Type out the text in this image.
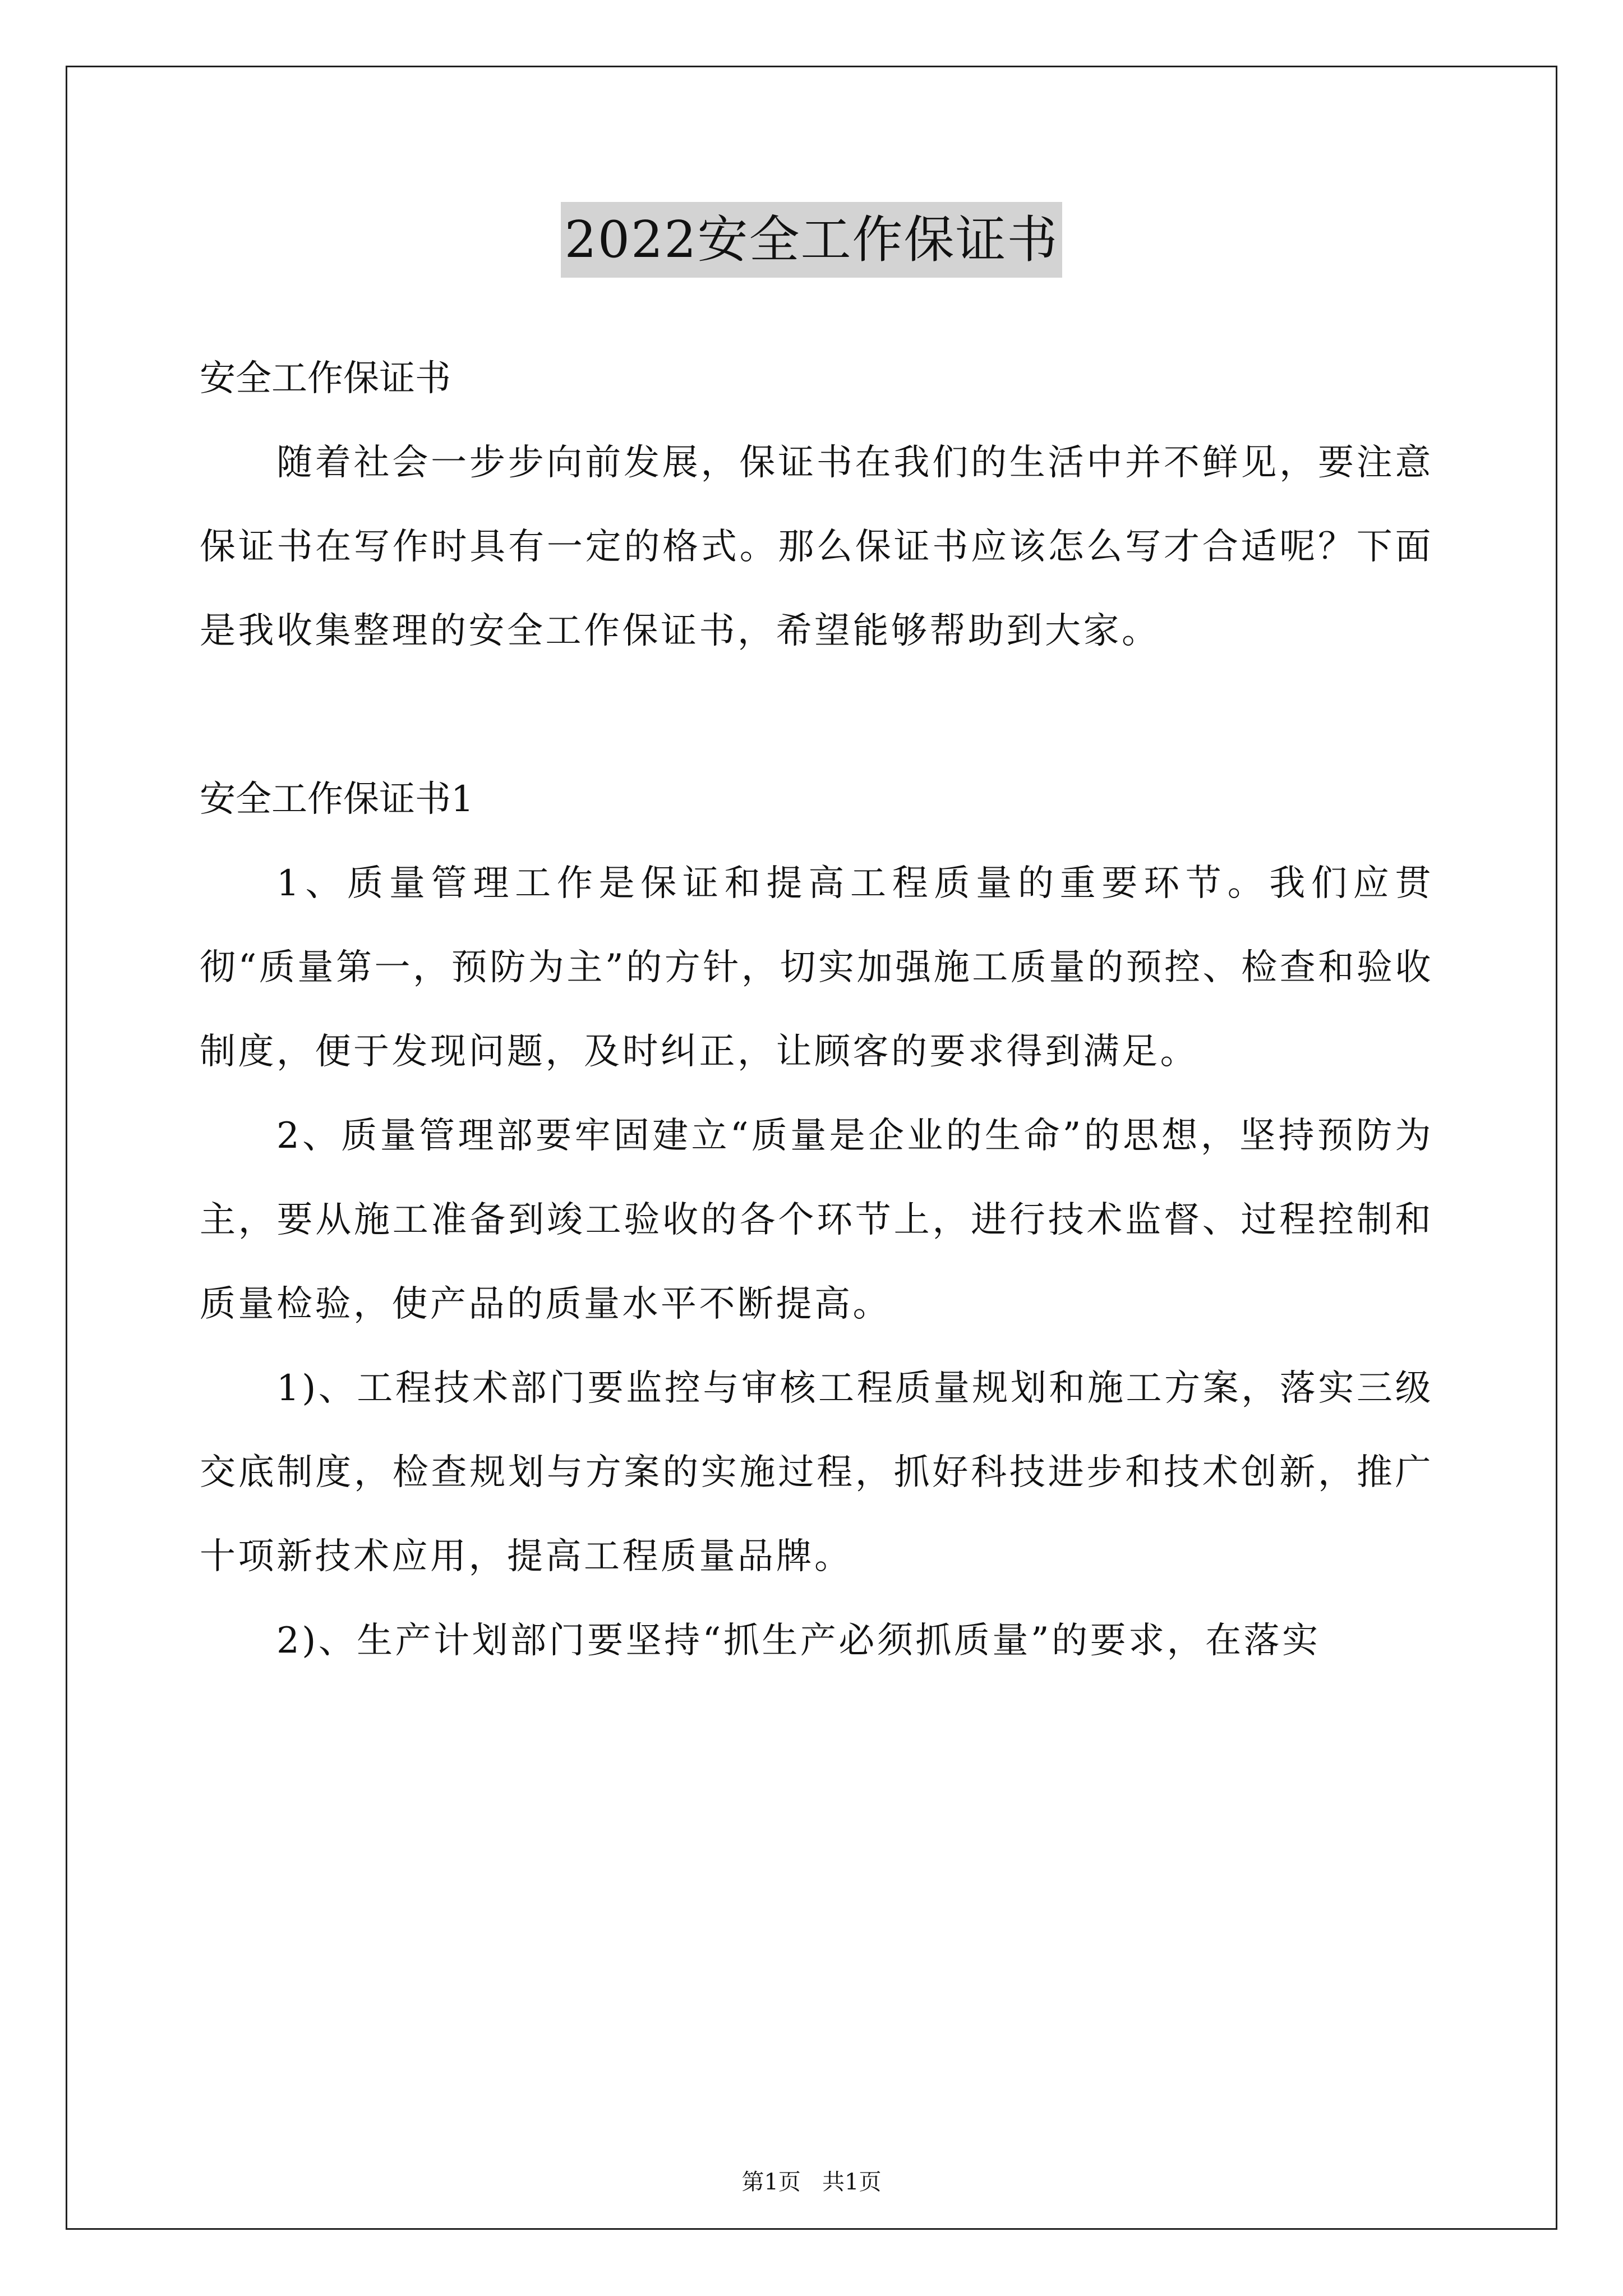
2022安全工作保证书

安全工作保证书

随着社会一步步向前发展，保证书在我们的生活中并不鲜见，要注意保证书在写作时具有一定的格式。那么保证书应该怎么写才合适呢？下面是我收集整理的安全工作保证书，希望能够帮助到大家。

安全工作保证书1

1、质量管理工作是保证和提高工程质量的重要环节。我们应贯彻“质量第一，预防为主”的方针，切实加强施工质量的预控、检查和验收制度，便于发现问题，及时纠正，让顾客的要求得到满足。

2、质量管理部要牢固建立“质量是企业的生命”的思想，坚持预防为主，要从施工准备到竣工验收的各个环节上，进行技术监督、过程控制和质量检验，使产品的质量水平不断提高。

1)、工程技术部门要监控与审核工程质量规划和施工方案，落实三级交底制度，检查规划与方案的实施过程，抓好科技进步和技术创新，推广十项新技术应用，提高工程质量品牌。

2)、生产计划部门要坚持“抓生产必须抓质量”的要求，在落实

第1页   共1页
